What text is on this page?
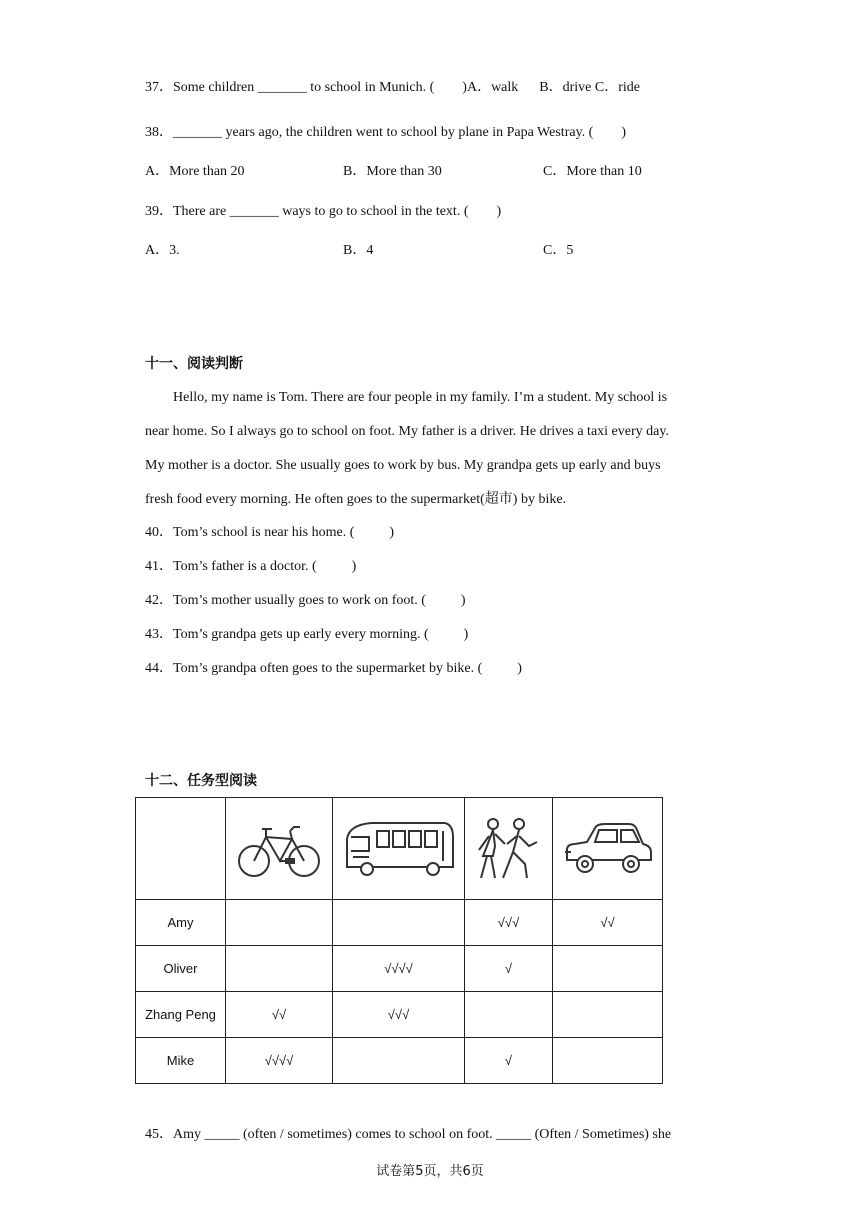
37．Some children _______ to school in Munich. (        )A．walk      B．drive C．ride
38．_______ years ago, the children went to school by plane in Papa Westray. (        )
A．More than 20	B．More than 30	C．More than 10
39．There are _______ ways to go to school in the text. (        )
A．3.	B．4	C．5
十一、阅读判断
Hello, my name is Tom. There are four people in my family. I’m a student. My school is
near home. So I always go to school on foot. My father is a driver. He drives a taxi every day.
My mother is a doctor. She usually goes to work by bus. My grandpa gets up early and buys
fresh food every morning. He often goes to the supermarket(超市) by bike.
40．Tom’s school is near his home. (          )
41．Tom’s father is a doctor. (          )
42．Tom’s mother usually goes to work on foot. (          )
43．Tom’s grandpa gets up early every morning. (          )
44．Tom’s grandpa often goes to the supermarket by bike. (          )
十二、任务型阅读

Amy			√√√	√√
Oliver		√√√√	√	
Zhang Peng	√√	√√√		
Mike	√√√√		√	
45．Amy _____ (often / sometimes) comes to school on foot. _____ (Often / Sometimes) she
试卷第5页，共6页
